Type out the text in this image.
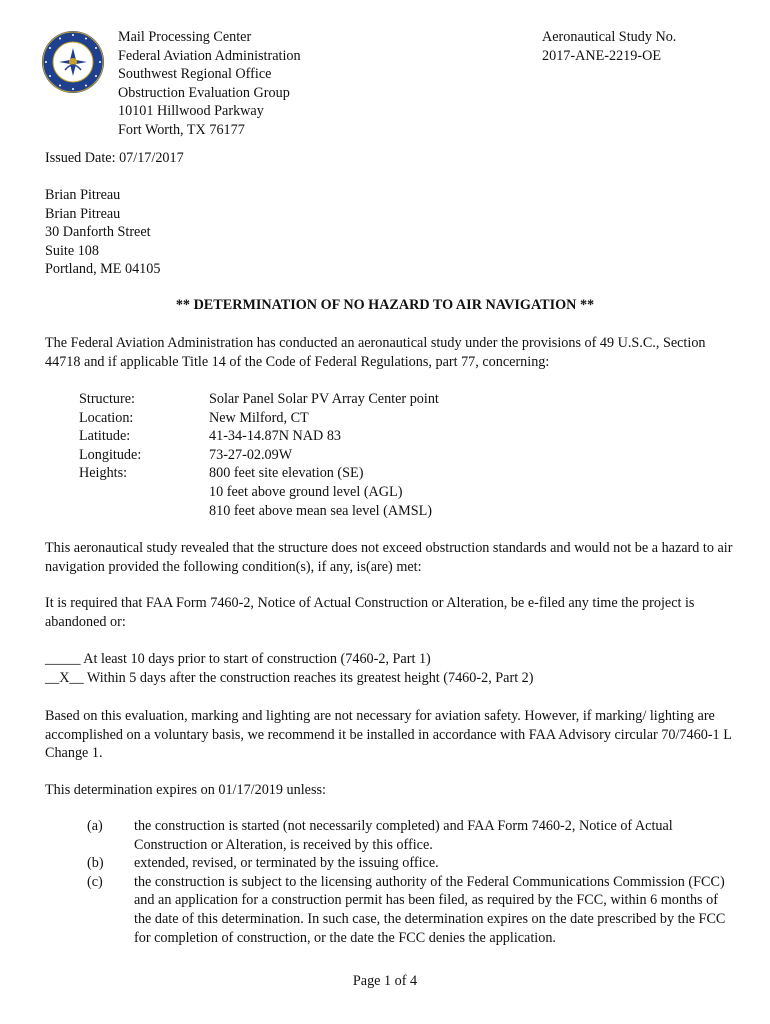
Mail Processing Center
Federal Aviation Administration
Southwest Regional Office
Obstruction Evaluation Group
10101 Hillwood Parkway
Fort Worth, TX 76177
Aeronautical Study No.
2017-ANE-2219-OE
Issued Date: 07/17/2017
Brian Pitreau
Brian Pitreau
30 Danforth Street
Suite 108
Portland, ME 04105
** DETERMINATION OF NO HAZARD TO AIR NAVIGATION **
The Federal Aviation Administration has conducted an aeronautical study under the provisions of 49 U.S.C., Section 44718 and if applicable Title 14 of the Code of Federal Regulations, part 77, concerning:
Structure:	Solar Panel Solar PV Array Center point
Location:	New Milford, CT
Latitude:	41-34-14.87N NAD 83
Longitude:	73-27-02.09W
Heights:	800 feet site elevation (SE)
10 feet above ground level (AGL)
810 feet above mean sea level (AMSL)
This aeronautical study revealed that the structure does not exceed obstruction standards and would not be a hazard to air navigation provided the following condition(s), if any, is(are) met:
It is required that FAA Form 7460-2, Notice of Actual Construction or Alteration, be e-filed any time the project is abandoned or:
_____ At least 10 days prior to start of construction (7460-2, Part 1)
__X__ Within 5 days after the construction reaches its greatest height (7460-2, Part 2)
Based on this evaluation, marking and lighting are not necessary for aviation safety. However, if marking/ lighting are accomplished on a voluntary basis, we recommend it be installed in accordance with FAA Advisory circular 70/7460-1 L Change 1.
This determination expires on 01/17/2019 unless:
(a)	the construction is started (not necessarily completed) and FAA Form 7460-2, Notice of Actual Construction or Alteration, is received by this office.
(b)	extended, revised, or terminated by the issuing office.
(c)	the construction is subject to the licensing authority of the Federal Communications Commission (FCC) and an application for a construction permit has been filed, as required by the FCC, within 6 months of the date of this determination. In such case, the determination expires on the date prescribed by the FCC for completion of construction, or the date the FCC denies the application.
Page 1 of 4
